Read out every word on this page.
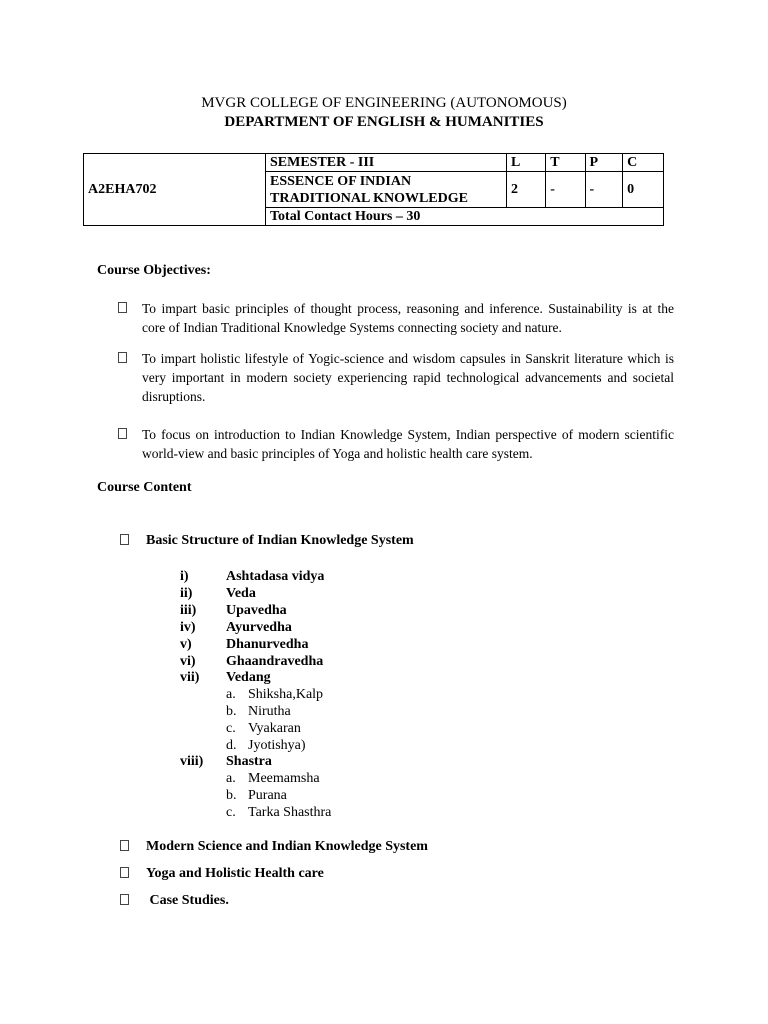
MVGR COLLEGE OF ENGINEERING (AUTONOMOUS)
DEPARTMENT OF ENGLISH & HUMANITIES
A2EHA702	SEMESTER - III	L	T	P	C

	ESSENCE OF INDIAN
TRADITIONAL KNOWLEDGE	2	-	-	0
	Total Contact Hours – 30				
Course Objectives:
To impart basic principles of thought process, reasoning and inference. Sustainability is at the core of Indian Traditional Knowledge Systems connecting society and nature.
To impart holistic lifestyle of Yogic-science and wisdom capsules in Sanskrit literature which is very important in modern society experiencing rapid technological advancements and societal disruptions.
To focus on introduction to Indian Knowledge System, Indian perspective of modern scientific world-view and basic principles of Yoga and holistic health care system.
Course Content
Basic Structure of Indian Knowledge System
i)	Ashtadasa vidya
ii) Veda
iii) Upavedha
iv) Ayurvedha
v) Dhanurvedha
vi) Ghaandravedha
vii) Vedang
a. Shiksha,Kalp
b. Nirutha
c. Vyakaran
d. Jyotishya)
viii) Shastra
a. Meemamsha
b. Purana
c. Tarka Shasthra
Modern Science and Indian Knowledge System
Yoga and Holistic Health care
Case Studies.
